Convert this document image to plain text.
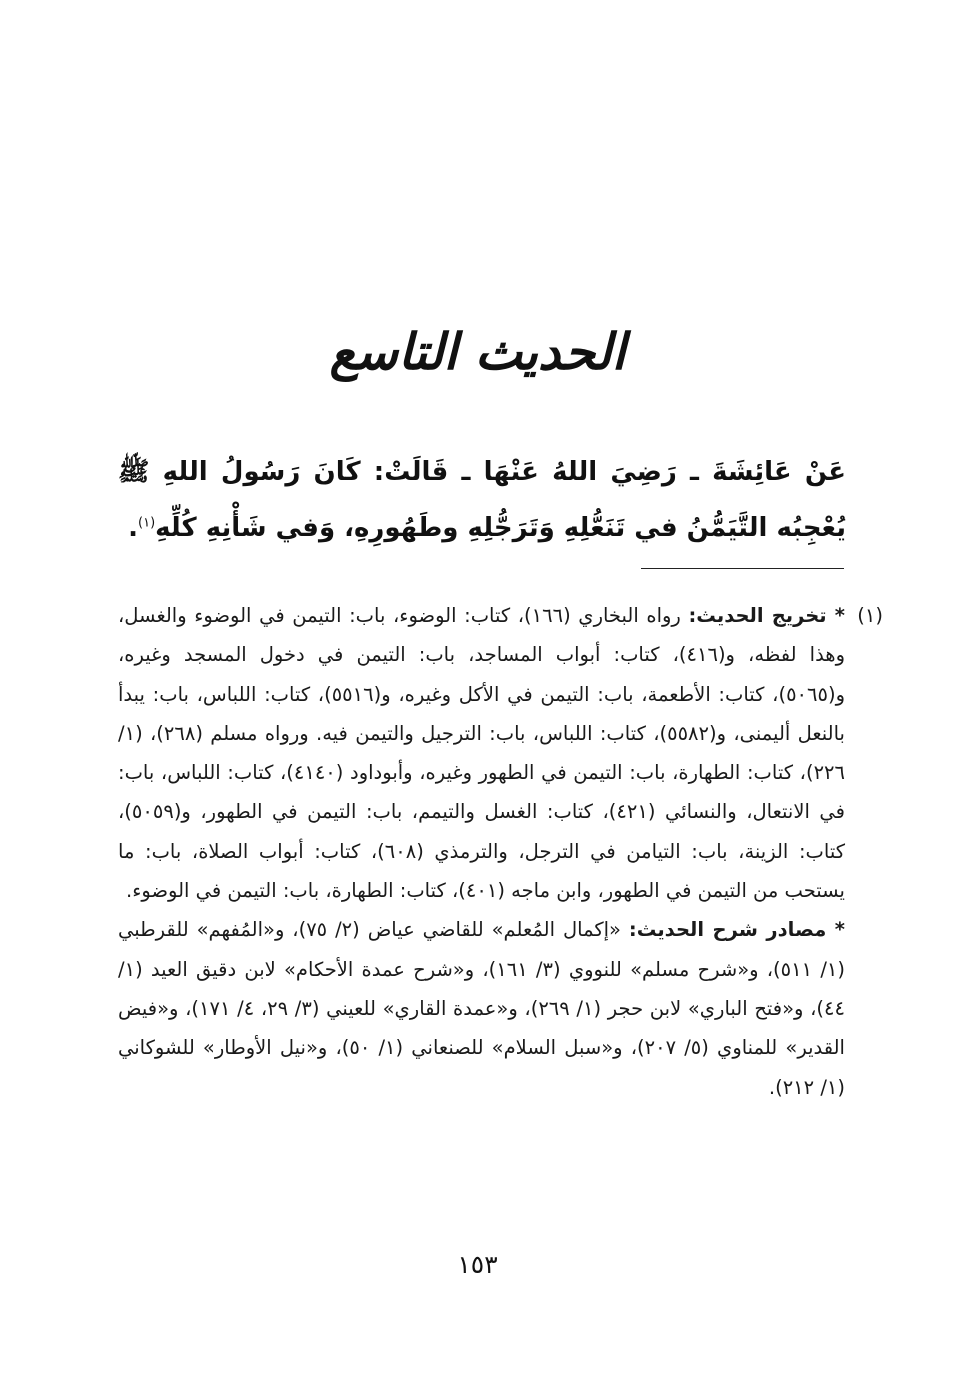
الحديث التاسع
عَنْ عَائِشَةَ ـ رَضِيَ اللهُ عَنْهَا ـ قَالَتْ: كَانَ رَسُولُ اللهِ ﷺ يُعْجِبُه التَّيَمُّنُ في تَنَعُّلِهِ وَتَرَجُّلِهِ وطَهُورِهِ، وَفي شَأْنِهِ كُلِّهِ$^{(١)}$.
(١)

* تخريج الحديث: رواه البخاري (١٦٦)، كتاب: الوضوء، باب: التيمن في الوضوء والغسل، وهذا لفظه، و(٤١٦)، كتاب: أبواب المساجد، باب: التيمن في دخول المسجد وغيره، و(٥٠٦٥)، كتاب: الأطعمة، باب: التيمن في الأكل وغيره، و(٥٥١٦)، كتاب: اللباس، باب: يبدأ بالنعل أليمنى، و(٥٥٨٢)، كتاب: اللباس، باب: الترجيل والتيمن فيه. ورواه مسلم (٢٦٨)، (١/ ٢٢٦)، كتاب: الطهارة، باب: التيمن في الطهور وغيره، وأبوداود (٤١٤٠)، كتاب: اللباس، باب: في الانتعال، والنسائي (٤٢١)، كتاب: الغسل والتيمم، باب: التيمن في الطهور، و(٥٠٥٩)، كتاب: الزينة، باب: التيامن في الترجل، والترمذي (٦٠٨)، كتاب: أبواب الصلاة، باب: ما يستحب من التيمن في الطهور، وابن ماجه (٤٠١)، كتاب: الطهارة، باب: التيمن في الوضوء.

* مصادر شرح الحديث: «إكمال المُعلم» للقاضي عياض (٢/ ٧٥)، و«المُفهم» للقرطبي (١/ ٥١١)، و«شرح مسلم» للنووي (٣/ ١٦١)، و«شرح عمدة الأحكام» لابن دقيق العيد (١/ ٤٤)، و«فتح الباري» لابن حجر (١/ ٢٦٩)، و«عمدة القاري» للعيني (٣/ ٢٩، ٤/ ١٧١)، و«فيض القدير» للمناوي (٥/ ٢٠٧)، و«سبل السلام» للصنعاني (١/ ٥٠)، و«نيل الأوطار» للشوكاني (١/ ٢١٢).

١٥٣
